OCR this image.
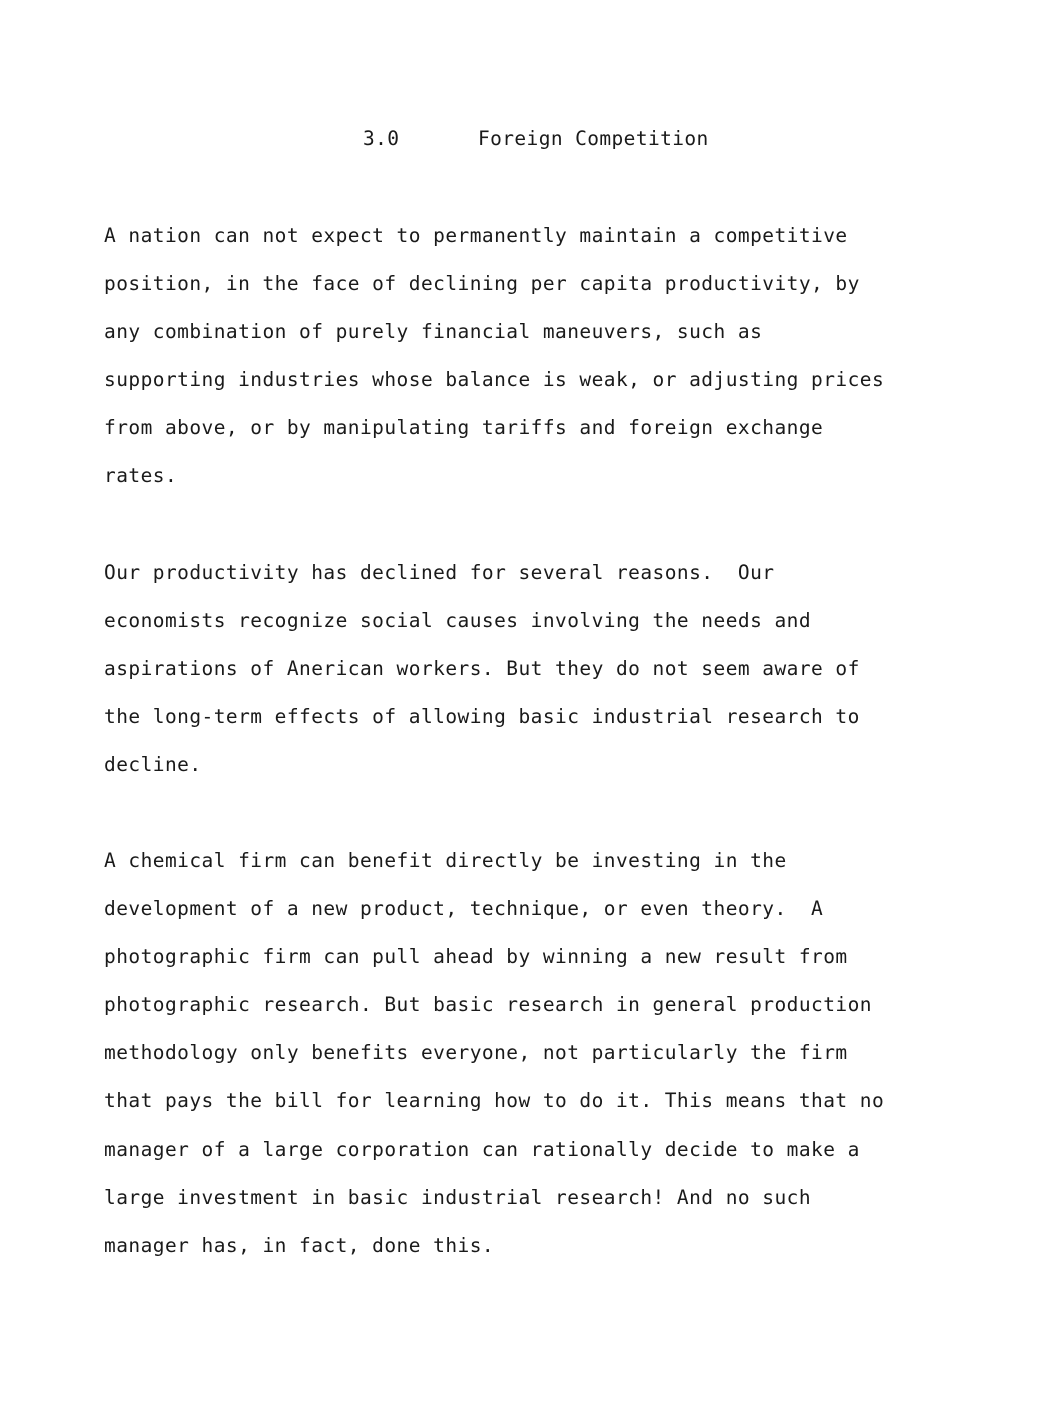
3.0	Foreign Competition
A nation can not expect to permanently maintain a competitive
position, in the face of declining per capita productivity, by
any combination of purely financial maneuvers, such as
supporting industries whose balance is weak, or adjusting prices
from above, or by manipulating tariffs and foreign exchange
rates.
Our productivity has declined for several reasons.  Our
economists recognize social causes involving the needs and
aspirations of Anerican workers. But they do not seem aware of
the long-term effects of allowing basic industrial research to
decline.
A chemical firm can benefit directly be investing in the
development of a new product, technique, or even theory.  A
photographic firm can pull ahead by winning a new result from
photographic research. But basic research in general production
methodology only benefits everyone, not particularly the firm
that pays the bill for learning how to do it. This means that no
manager of a large corporation can rationally decide to make a
large investment in basic industrial research! And no such
manager has, in fact, done this.
